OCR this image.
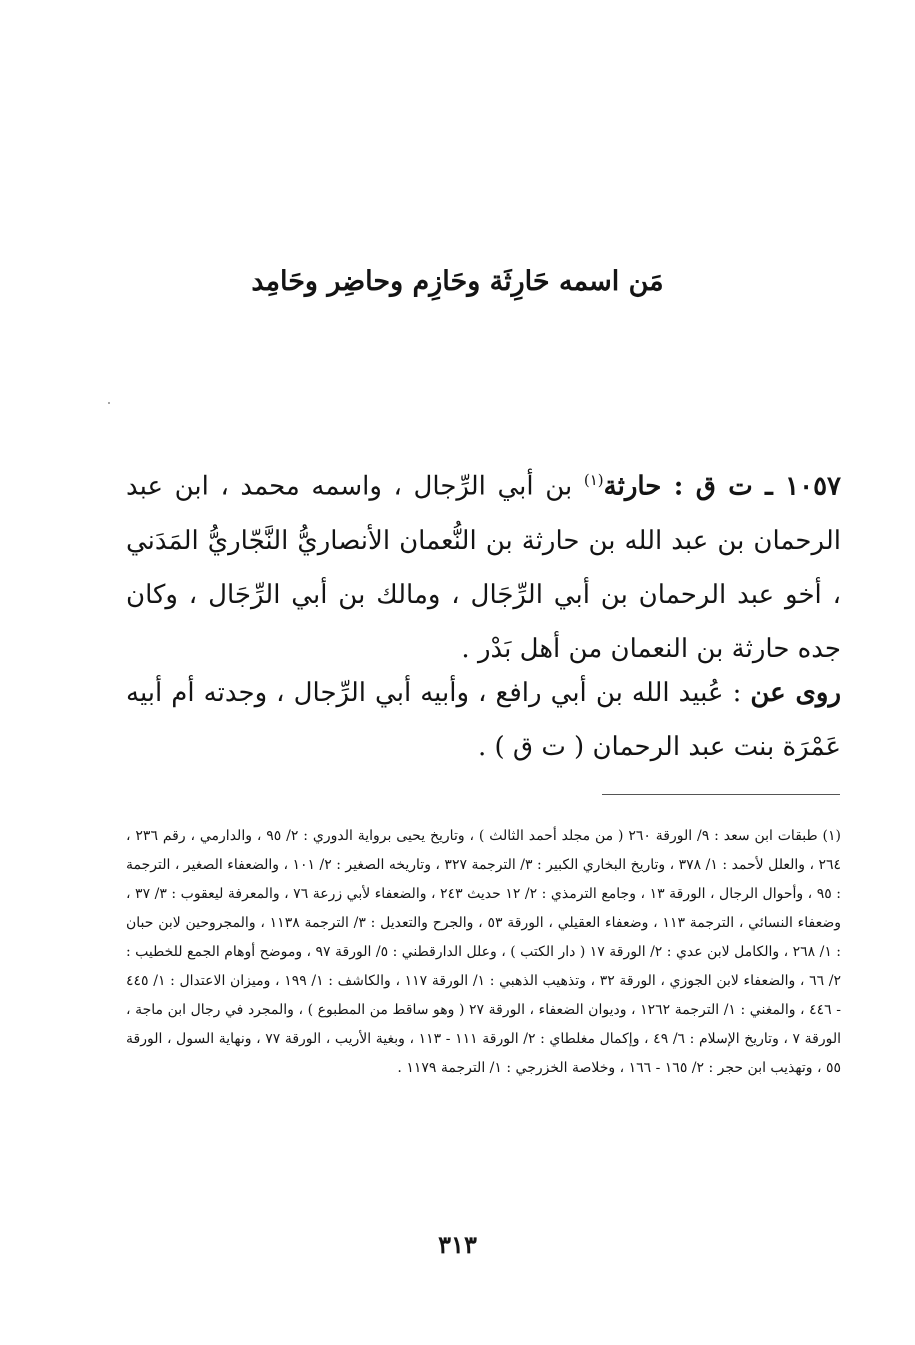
مَن اسمه حَارِثَة وحَازِم وحاضِر وحَامِد
١٠٥٧ ـ ت ق : حارثة$^{(١)}$ بن أبي الرِّجال ، واسمه محمد ، ابن عبد الرحمان بن عبد الله بن حارثة بن النُّعمان الأنصاريُّ النَّجّاريُّ المَدَني ، أخو عبد الرحمان بن أبي الرِّجَال ، ومالك بن أبي الرِّجَال ، وكان جده حارثة بن النعمان من أهل بَدْر .
روى عن : عُبيد الله بن أبي رافع ، وأبيه أبي الرِّجال ، وجدته أم أبيه عَمْرَة بنت عبد الرحمان ( ت ق ) .
(١) طبقات ابن سعد : ٩/ الورقة ٢٦٠ ( من مجلد أحمد الثالث ) ، وتاريخ يحيى برواية الدوري : ٢/ ٩٥ ، والدارمي ، رقم ٢٣٦ ، ٢٦٤ ، والعلل لأحمد : ١/ ٣٧٨ ، وتاريخ البخاري الكبير : ٣/ الترجمة ٣٢٧ ، وتاريخه الصغير : ٢/ ١٠١ ، والضعفاء الصغير ، الترجمة : ٩٥ ، وأحوال الرجال ، الورقة ١٣ ، وجامع الترمذي : ٢/ ١٢ حديث ٢٤٣ ، والضعفاء لأبي زرعة ٧٦ ، والمعرفة ليعقوب : ٣/ ٣٧ ، وضعفاء النسائي ، الترجمة ١١٣ ، وضعفاء العقيلي ، الورقة ٥٣ ، والجرح والتعديل : ٣/ الترجمة ١١٣٨ ، والمجروحين لابن حبان : ١/ ٢٦٨ ، والكامل لابن عدي : ٢/ الورقة ١٧ ( دار الكتب ) ، وعلل الدارقطني : ٥/ الورقة ٩٧ ، وموضح أوهام الجمع للخطيب : ٢/ ٦٦ ، والضعفاء لابن الجوزي ، الورقة ٣٢ ، وتذهيب الذهبي : ١/ الورقة ١١٧ ، والكاشف : ١/ ١٩٩ ، وميزان الاعتدال : ١/ ٤٤٥ - ٤٤٦ ، والمغني : ١/ الترجمة ١٢٦٢ ، وديوان الضعفاء ، الورقة ٢٧ ( وهو ساقط من المطبوع ) ، والمجرد في رجال ابن ماجة ، الورقة ٧ ، وتاريخ الإسلام : ٦/ ٤٩ ، وإكمال مغلطاي : ٢/ الورقة ١١١ - ١١٣ ، وبغية الأريب ، الورقة ٧٧ ، ونهاية السول ، الورقة ٥٥ ، وتهذيب ابن حجر : ٢/ ١٦٥ - ١٦٦ ، وخلاصة الخزرجي : ١/ الترجمة ١١٧٩ .
٣١٣
